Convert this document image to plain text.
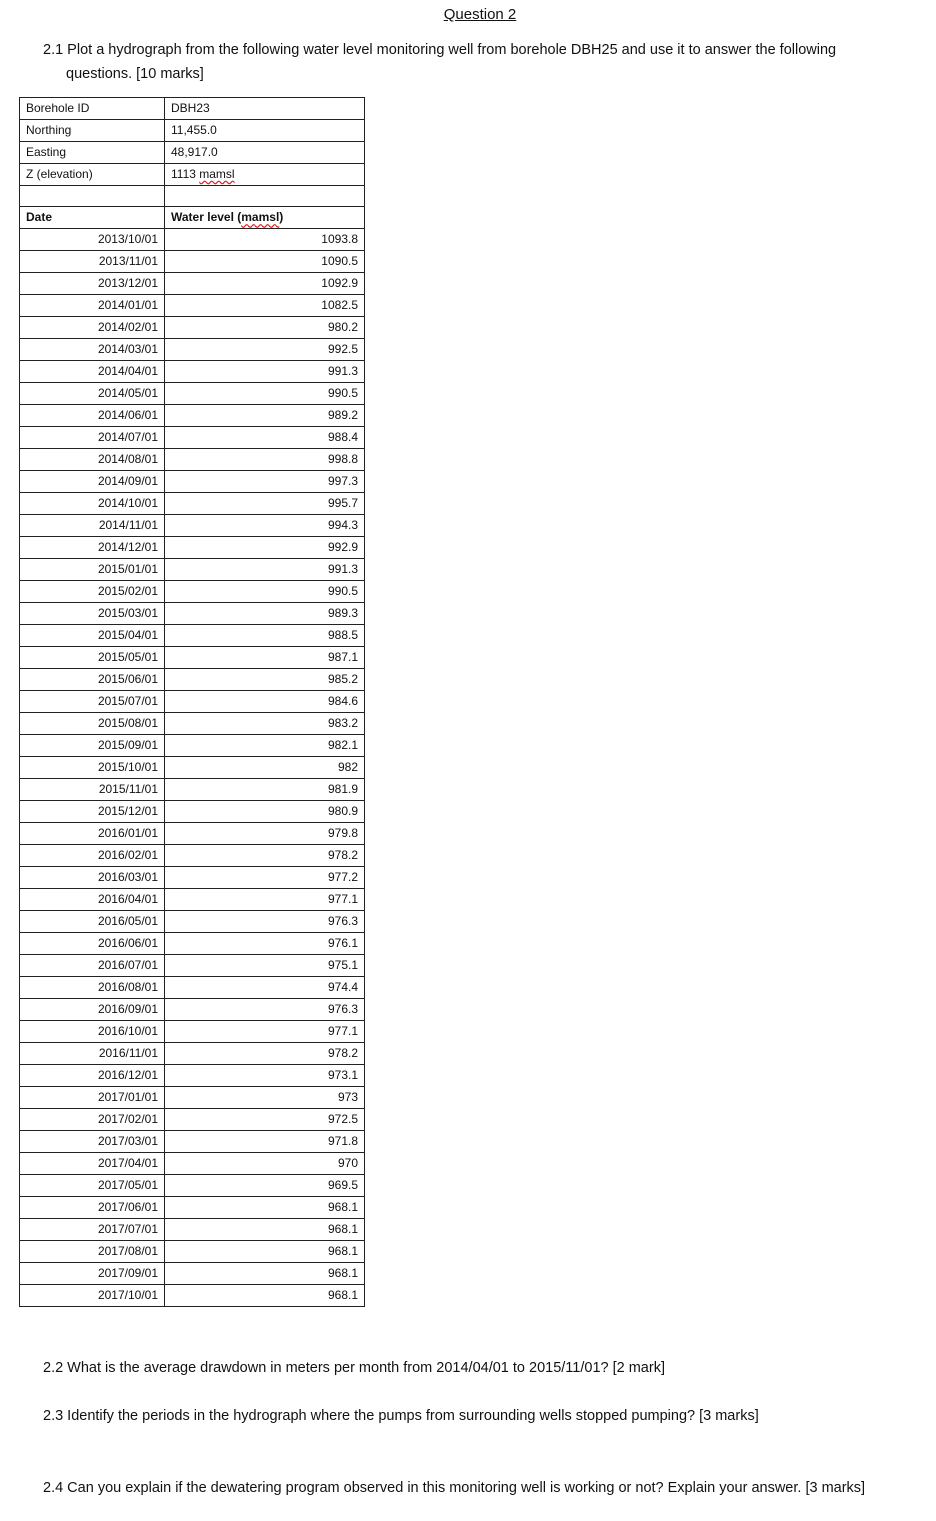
Question 2
2.1 Plot a hydrograph from the following water level monitoring well from borehole DBH25 and use it to answer the following
questions. [10 marks]
Borehole ID	DBH23
Northing	11,455.0
Easting	48,917.0
Z (elevation)	1113 mamsl

Date	Water level (mamsl)
2013/10/01	1093.8
2013/11/01	1090.5
2013/12/01	1092.9
2014/01/01	1082.5
2014/02/01	980.2
2014/03/01	992.5
2014/04/01	991.3
2014/05/01	990.5
2014/06/01	989.2
2014/07/01	988.4
2014/08/01	998.8
2014/09/01	997.3
2014/10/01	995.7
2014/11/01	994.3
2014/12/01	992.9
2015/01/01	991.3
2015/02/01	990.5
2015/03/01	989.3
2015/04/01	988.5
2015/05/01	987.1
2015/06/01	985.2
2015/07/01	984.6
2015/08/01	983.2
2015/09/01	982.1
2015/10/01	982
2015/11/01	981.9
2015/12/01	980.9
2016/01/01	979.8
2016/02/01	978.2
2016/03/01	977.2
2016/04/01	977.1
2016/05/01	976.3
2016/06/01	976.1
2016/07/01	975.1
2016/08/01	974.4
2016/09/01	976.3
2016/10/01	977.1
2016/11/01	978.2
2016/12/01	973.1
2017/01/01	973
2017/02/01	972.5
2017/03/01	971.8
2017/04/01	970
2017/05/01	969.5
2017/06/01	968.1
2017/07/01	968.1
2017/08/01	968.1
2017/09/01	968.1
2017/10/01	968.1
2.2 What is the average drawdown in meters per month from 2014/04/01 to 2015/11/01? [2 mark]
2.3 Identify the periods in the hydrograph where the pumps from surrounding wells stopped pumping? [3 marks]
2.4 Can you explain if the dewatering program observed in this monitoring well is working or not? Explain your answer. [3 marks]
